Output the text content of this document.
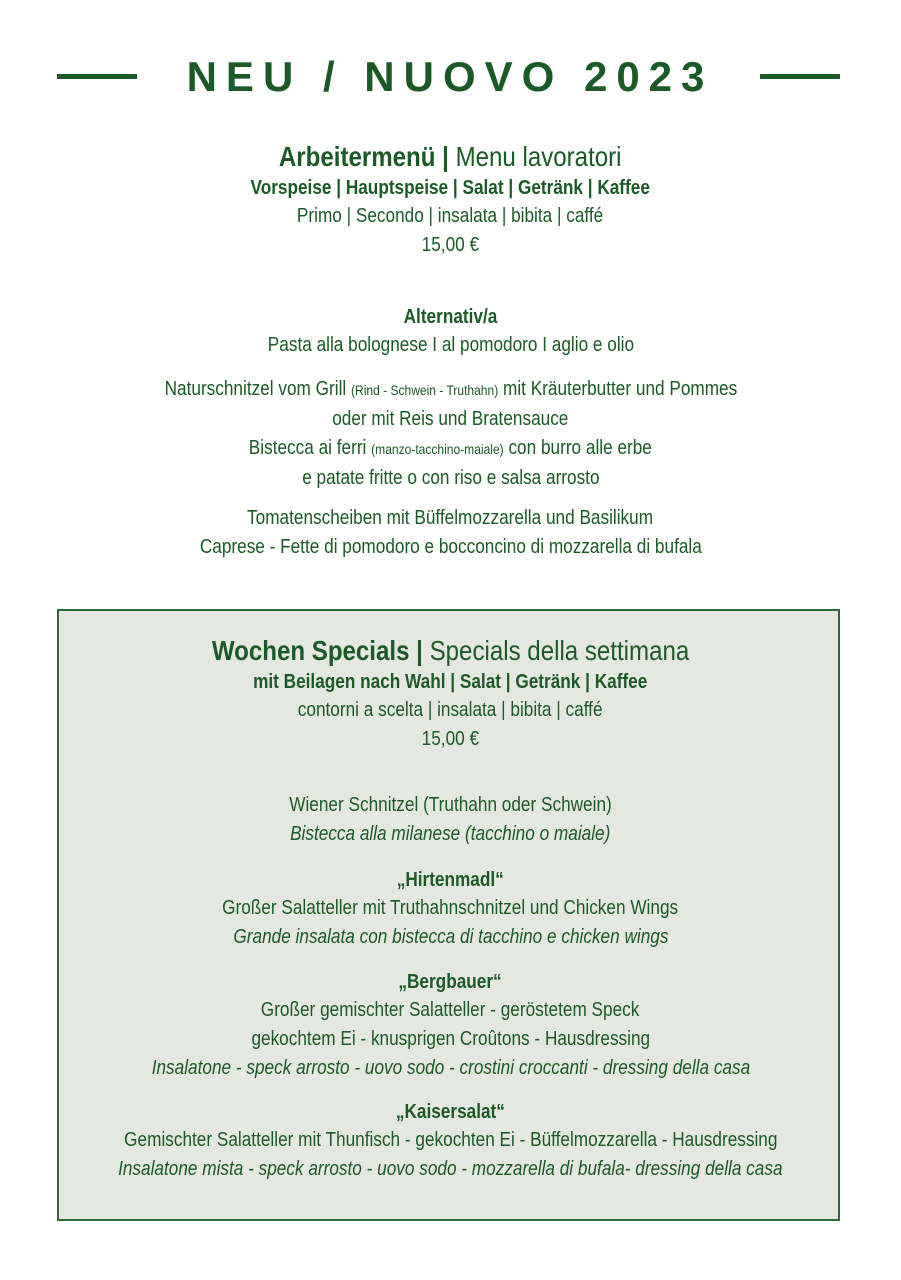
NEU / NUOVO 2023
Arbeitermenü | Menu lavoratori
Vorspeise | Hauptspeise | Salat | Getränk | Kaffee
Primo | Secondo | insalata | bibita | caffé
15,00 €
Alternativ/a
Pasta alla bolognese I al pomodoro I aglio e olio
Naturschnitzel vom Grill (Rind - Schwein - Truthahn) mit Kräuterbutter und Pommes
oder mit Reis und Bratensauce
Bistecca ai ferri (manzo-tacchino-maiale) con burro alle erbe
e patate fritte o con riso e salsa arrosto
Tomatenscheiben mit Büffelmozzarella und Basilikum
Caprese - Fette di pomodoro e bocconcino di mozzarella di bufala
Wochen Specials | Specials della settimana
mit Beilagen nach Wahl | Salat | Getränk | Kaffee
contorni a scelta | insalata | bibita | caffé
15,00 €
Wiener Schnitzel (Truthahn oder Schwein)
Bistecca alla milanese (tacchino o maiale)
„Hirtenmadl“
Großer Salatteller mit Truthahnschnitzel und Chicken Wings
Grande insalata con bistecca di tacchino e chicken wings
„Bergbauer“
Großer gemischter Salatteller - geröstetem Speck
gekochtem Ei - knusprigen Croûtons - Hausdressing
Insalatone - speck arrosto - uovo sodo - crostini croccanti - dressing della casa
„Kaisersalat“
Gemischter Salatteller mit Thunfisch - gekochten Ei - Büffelmozzarella - Hausdressing
Insalatone mista - speck arrosto - uovo sodo - mozzarella di bufala- dressing della casa
